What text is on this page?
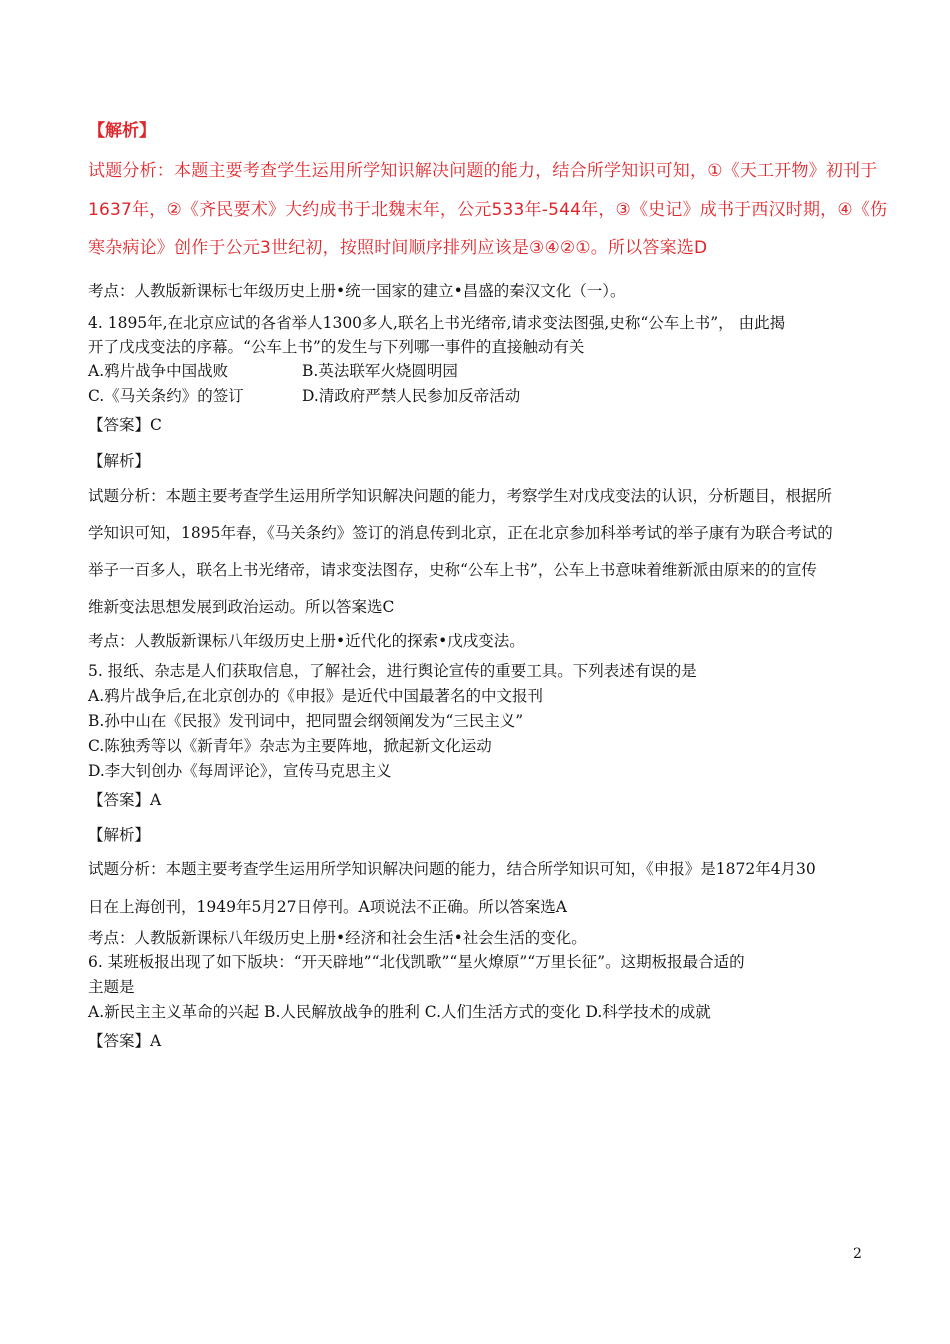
【解析】
试题分析：本题主要考查学生运用所学知识解决问题的能力，结合所学知识可知，①《天工开物》初刊于
1637年，②《齐民要术》大约成书于北魏末年，公元533年-544年，③《史记》成书于西汉时期，④《伤
寒杂病论》创作于公元3世纪初，按照时间顺序排列应该是③④②①。所以答案选D
考点：人教版新课标七年级历史上册•统一国家的建立•昌盛的秦汉文化（一）。
4. 1895年,在北京应试的各省举人1300多人,联名上书光绪帝,请求变法图强,史称“公车上书”， 由此揭
开了戊戌变法的序幕。“公车上书”的发生与下列哪一事件的直接触动有关
A.鸦片战争中国战败	B.英法联军火烧圆明园
C.《马关条约》的签订	D.清政府严禁人民参加反帝活动
【答案】C
【解析】
试题分析：本题主要考查学生运用所学知识解决问题的能力，考察学生对戊戌变法的认识，分析题目，根据所
学知识可知，1895年春，《马关条约》签订的消息传到北京，正在北京参加科举考试的举子康有为联合考试的
举子一百多人，联名上书光绪帝，请求变法图存，史称“公车上书”，公车上书意味着维新派由原来的的宣传
维新变法思想发展到政治运动。所以答案选C
考点：人教版新课标八年级历史上册•近代化的探索•戊戌变法。
5. 报纸、杂志是人们获取信息，了解社会，进行舆论宣传的重要工具。下列表述有误的是
A.鸦片战争后,在北京创办的《申报》是近代中国最著名的中文报刊
B.孙中山在《民报》发刊词中，把同盟会纲领阐发为“三民主义”
C.陈独秀等以《新青年》杂志为主要阵地，掀起新文化运动
D.李大钊创办《每周评论》，宣传马克思主义
【答案】A
【解析】
试题分析：本题主要考查学生运用所学知识解决问题的能力，结合所学知识可知，《申报》是1872年4月30
日在上海创刊，1949年5月27日停刊。A项说法不正确。所以答案选A
考点：人教版新课标八年级历史上册•经济和社会生活•社会生活的变化。
6. 某班板报出现了如下版块：“开天辟地”“北伐凯歌”“星火燎原”“万里长征”。这期板报最合适的
主题是
A.新民主主义革命的兴起 B.人民解放战争的胜利 C.人们生活方式的变化 D.科学技术的成就
【答案】A
2
